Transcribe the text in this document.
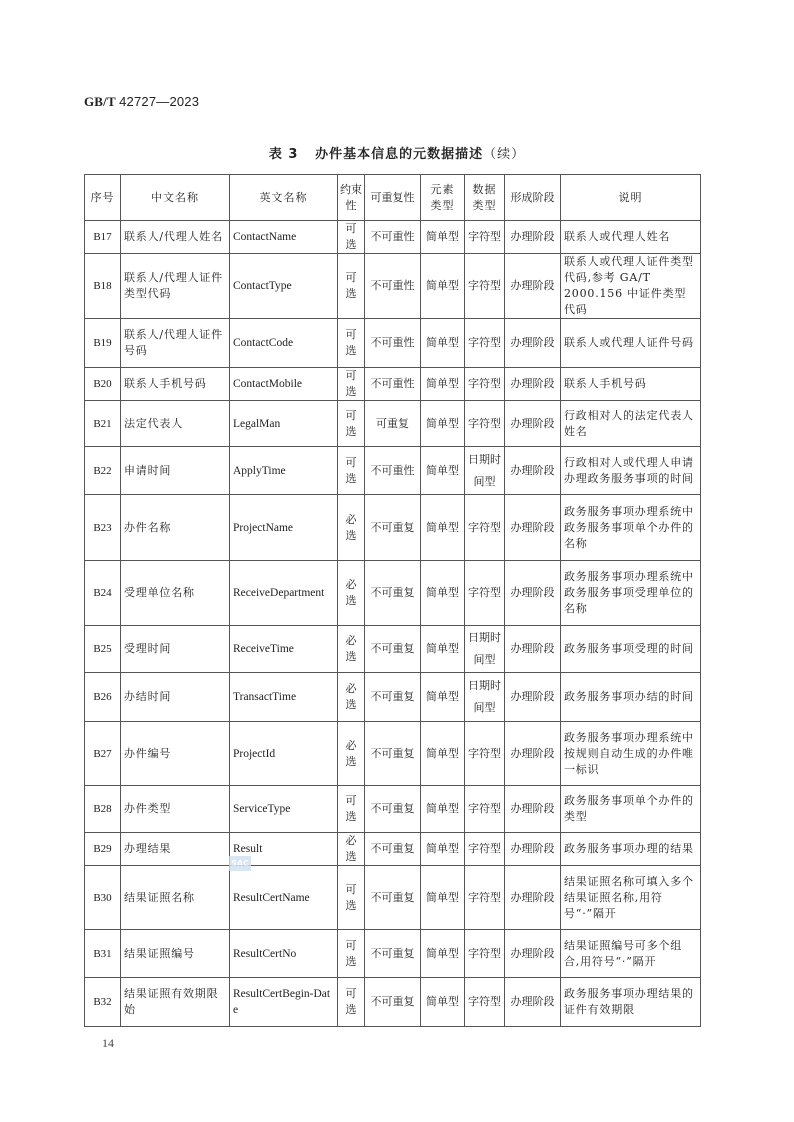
GB/T 42727—2023
表 3 办件基本信息的元数据描述（续）
序号	中文名称	英文名称	约束性	可重复性	元素类型	数据类型	形成阶段	说明
B17	联系人/代理人姓名	ContactName	可选	不可重性	简单型	字符型	办理阶段	联系人或代理人姓名
B18	联系人/代理人证件类型代码	ContactType	可选	不可重性	简单型	字符型	办理阶段	联系人或代理人证件类型代码,参考 GA/T 2000.156 中证件类型代码
B19	联系人/代理人证件号码	ContactCode	可选	不可重性	简单型	字符型	办理阶段	联系人或代理人证件号码
B20	联系人手机号码	ContactMobile	可选	不可重性	简单型	字符型	办理阶段	联系人手机号码
B21	法定代表人	LegalMan	可选	可重复	简单型	字符型	办理阶段	行政相对人的法定代表人姓名
B22	申请时间	ApplyTime	可选	不可重性	简单型	日期时间型	办理阶段	行政相对人或代理人申请办理政务服务事项的时间
B23	办件名称	ProjectName	必选	不可重复	简单型	字符型	办理阶段	政务服务事项办理系统中政务服务事项单个办件的名称
B24	受理单位名称	ReceiveDepartment	必选	不可重复	简单型	字符型	办理阶段	政务服务事项办理系统中政务服务事项受理单位的名称
B25	受理时间	ReceiveTime	必选	不可重复	简单型	日期时间型	办理阶段	政务服务事项受理的时间
B26	办结时间	TransactTime	必选	不可重复	简单型	日期时间型	办理阶段	政务服务事项办结的时间
B27	办件编号	ProjectId	必选	不可重复	简单型	字符型	办理阶段	政务服务事项办理系统中按规则自动生成的办件唯一标识
B28	办件类型	ServiceType	可选	不可重复	简单型	字符型	办理阶段	政务服务事项单个办件的类型
B29	办理结果	Result	必选	不可重复	简单型	字符型	办理阶段	政务服务事项办理的结果
B30	结果证照名称	ResultCertName	可选	不可重复	简单型	字符型	办理阶段	结果证照名称可填入多个结果证照名称,用符号“·”隔开
B31	结果证照编号	ResultCertNo	可选	不可重复	简单型	字符型	办理阶段	结果证照编号可多个组合,用符号“·”隔开
B32	结果证照有效期限始	ResultCertBegin-Date	可选	不可重复	简单型	字符型	办理阶段	政务服务事项办理结果的证件有效期限
SAC
14
